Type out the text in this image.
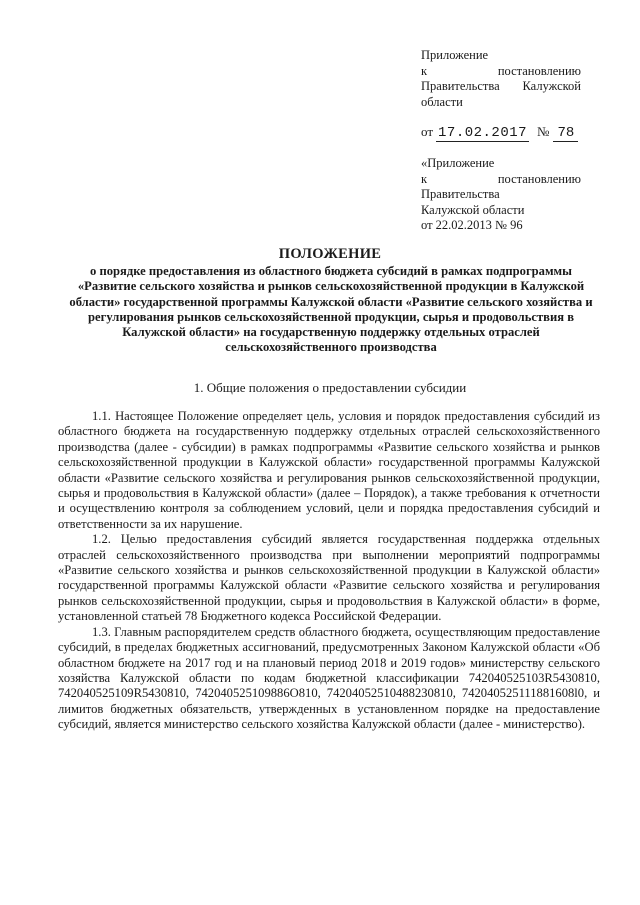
Приложение
к	постановлению
Правительства Калужской
области
от 17.02.2017 № 78
«Приложение
к	постановлению
Правительства
Калужской области
от 22.02.2013 № 96
ПОЛОЖЕНИЕ
о порядке предоставления из областного бюджета субсидий в рамках подпрограммы «Развитие сельского хозяйства и рынков сельскохозяйственной продукции в Калужской области» государственной программы Калужской области «Развитие сельского хозяйства и регулирования рынков сельскохозяйственной продукции, сырья и продовольствия в Калужской области» на государственную поддержку отдельных отраслей сельскохозяйственного производства
1. Общие положения о предоставлении субсидии

1.1. Настоящее Положение определяет цель, условия и порядок предоставления субсидий из областного бюджета на государственную поддержку отдельных отраслей сельскохозяйственного производства (далее - субсидии) в рамках подпрограммы «Развитие сельского хозяйства и рынков сельскохозяйственной продукции в Калужской области» государственной программы Калужской области «Развитие сельского хозяйства и регулирования рынков сельскохозяйственной продукции, сырья и продовольствия в Калужской области» (далее – Порядок), а также требования к отчетности и осуществлению контроля за соблюдением условий, цели и порядка предоставления субсидий и ответственности за их нарушение.

1.2. Целью предоставления субсидий является государственная поддержка отдельных отраслей сельскохозяйственного производства при выполнении мероприятий подпрограммы «Развитие сельского хозяйства и рынков сельскохозяйственной продукции в Калужской области» государственной программы Калужской области «Развитие сельского хозяйства и регулирования рынков сельскохозяйственной продукции, сырья и продовольствия в Калужской области» в форме, установленной статьей 78 Бюджетного кодекса Российской Федерации.

1.3. Главным распорядителем средств областного бюджета, осуществляющим предоставление субсидий, в пределах бюджетных ассигнований, предусмотренных Законом Калужской области «Об областном бюджете на 2017 год и на плановый период 2018 и 2019 годов» министерству сельского хозяйства Калужской области по кодам бюджетной классификации 742040525103R5430810, 742040525109R5430810, 742040525109886O810, 742040525104882З0810, 742040525111881608l0, и лимитов бюджетных обязательств, утвержденных в установленном порядке на предоставление субсидий, является министерство сельского хозяйства Калужской области (далее - министерство).
